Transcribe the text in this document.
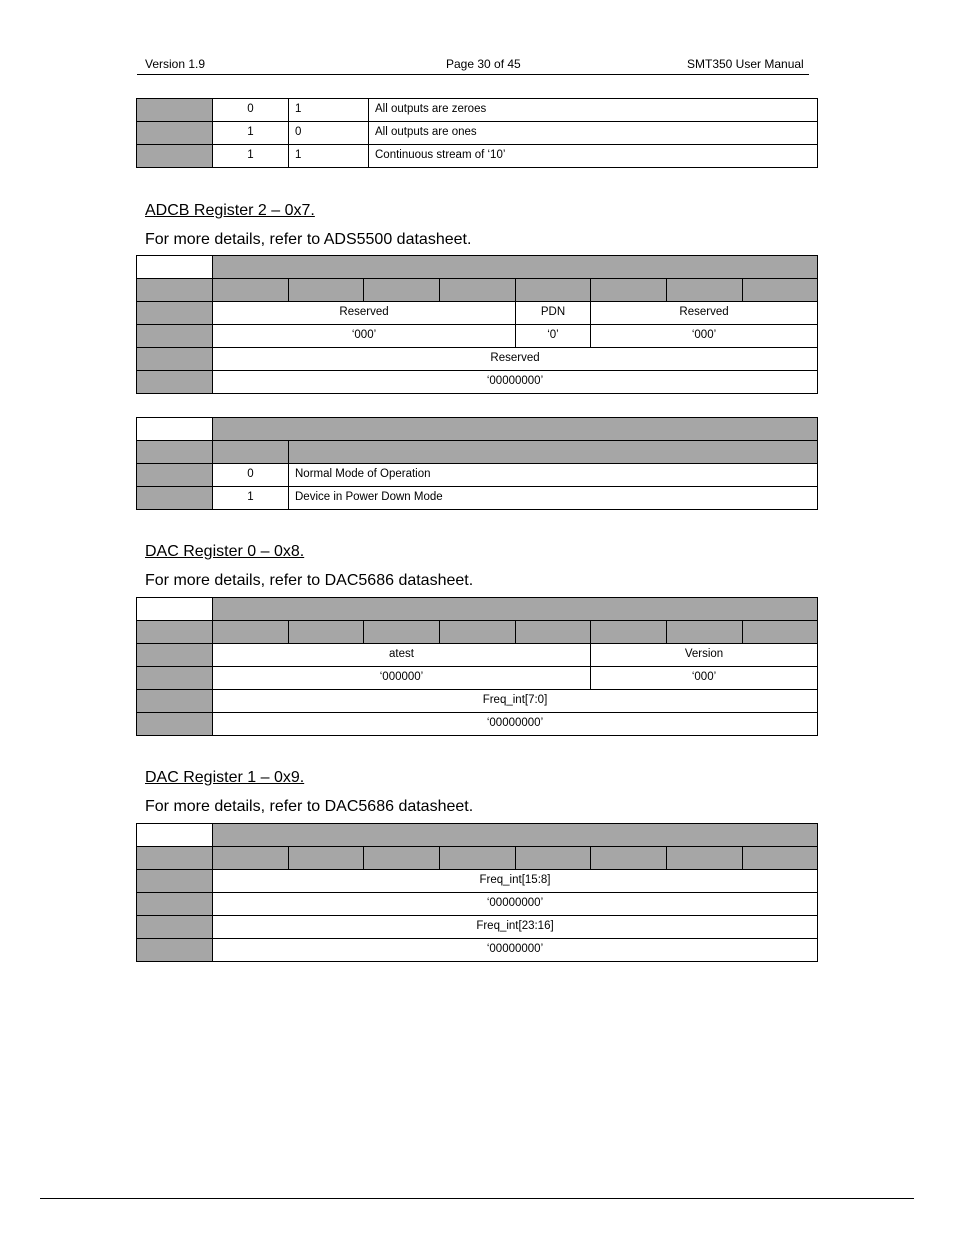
Version 1.9	Page 30 of 45	SMT350 User Manual
	0	1	All outputs are zeroes
	1	0	All outputs are ones
	1	1	Continuous stream of ‘10’
ADCB Register 2 – 0x7.
For more details, refer to ADS5500 datasheet.

	Reserved				PDN	Reserved		
	‘000’				‘0’	‘000’		
	Reserved							
	‘00000000’							

	0	Normal Mode of Operation
	1	Device in Power Down Mode
DAC Register 0 – 0x8.
For more details, refer to DAC5686 datasheet.

	atest					Version		
	‘000000’					‘000’		
	Freq_int[7:0]							
	‘00000000’							
DAC Register 1 – 0x9.
For more details, refer to DAC5686 datasheet.

	Freq_int[15:8]							
	‘00000000’							
	Freq_int[23:16]							
	‘00000000’							
